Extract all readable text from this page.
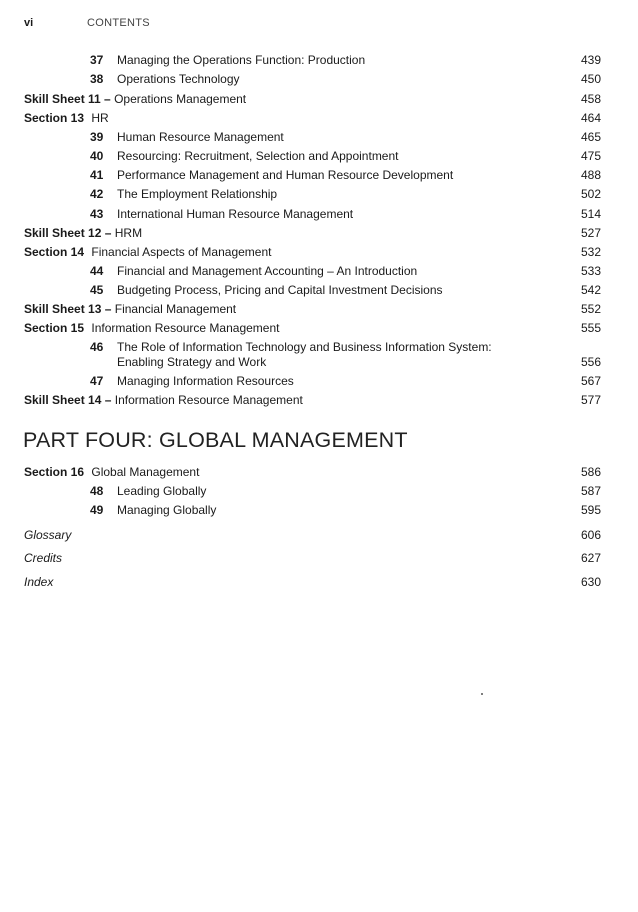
vi	CONTENTS
37 Managing the Operations Function: Production	439
38 Operations Technology	450
Skill Sheet 11 – Operations Management	458
Section 13 HR	464
39 Human Resource Management	465
40 Resourcing: Recruitment, Selection and Appointment	475
41 Performance Management and Human Resource Development	488
42 The Employment Relationship	502
43 International Human Resource Management	514
Skill Sheet 12 – HRM	527
Section 14 Financial Aspects of Management	532
44 Financial and Management Accounting – An Introduction	533
45 Budgeting Process, Pricing and Capital Investment Decisions	542
Skill Sheet 13 – Financial Management	552
Section 15 Information Resource Management	555
46 The Role of Information Technology and Business Information System:
Enabling Strategy and Work	556
47 Managing Information Resources	567
Skill Sheet 14 – Information Resource Management	577
PART FOUR: GLOBAL MANAGEMENT
Section 16 Global Management	586
48 Leading Globally	587
49 Managing Globally	595
Glossary	606
Credits	627
Index	630
